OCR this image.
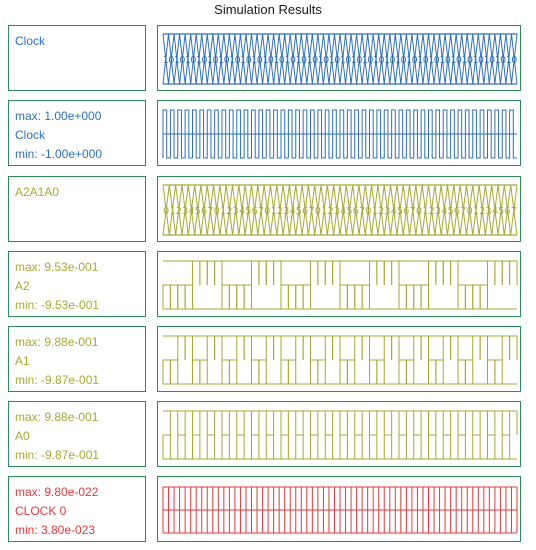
Simulation Results
Clock
1 0 1 0 1 0 1 0 1 0 1 0 1 0 1 0 1 0 1 0 1 0 1 0 1 0 1 0 1 0 1 0 1 0 1 0 1 0 1 0 1 0 1 0 1 0 1 0 1 0 1 0 1 0 1 0 1 0 1 0 1 0 1 0
max: 1.00e+000
Clock
min: -1.00e+000
A2A1A0
0 1 2 3 4 5 6 7 0 1 2 3 4 5 6 7 0 1 2 3 4 5 6 7 0 1 2 3 4 5 6 7 0 1 2 3 4 5 6 7 0 1 2 3 4 5 6 7 0 1 2 3 4 5 6 7
max: 9.53e-001
A2
min: -9.53e-001
max: 9.88e-001
A1
min: -9.87e-001
max: 9.88e-001
A0
min: -9.87e-001
max: 9.80e-022
CLOCK 0
min: 3.80e-023
